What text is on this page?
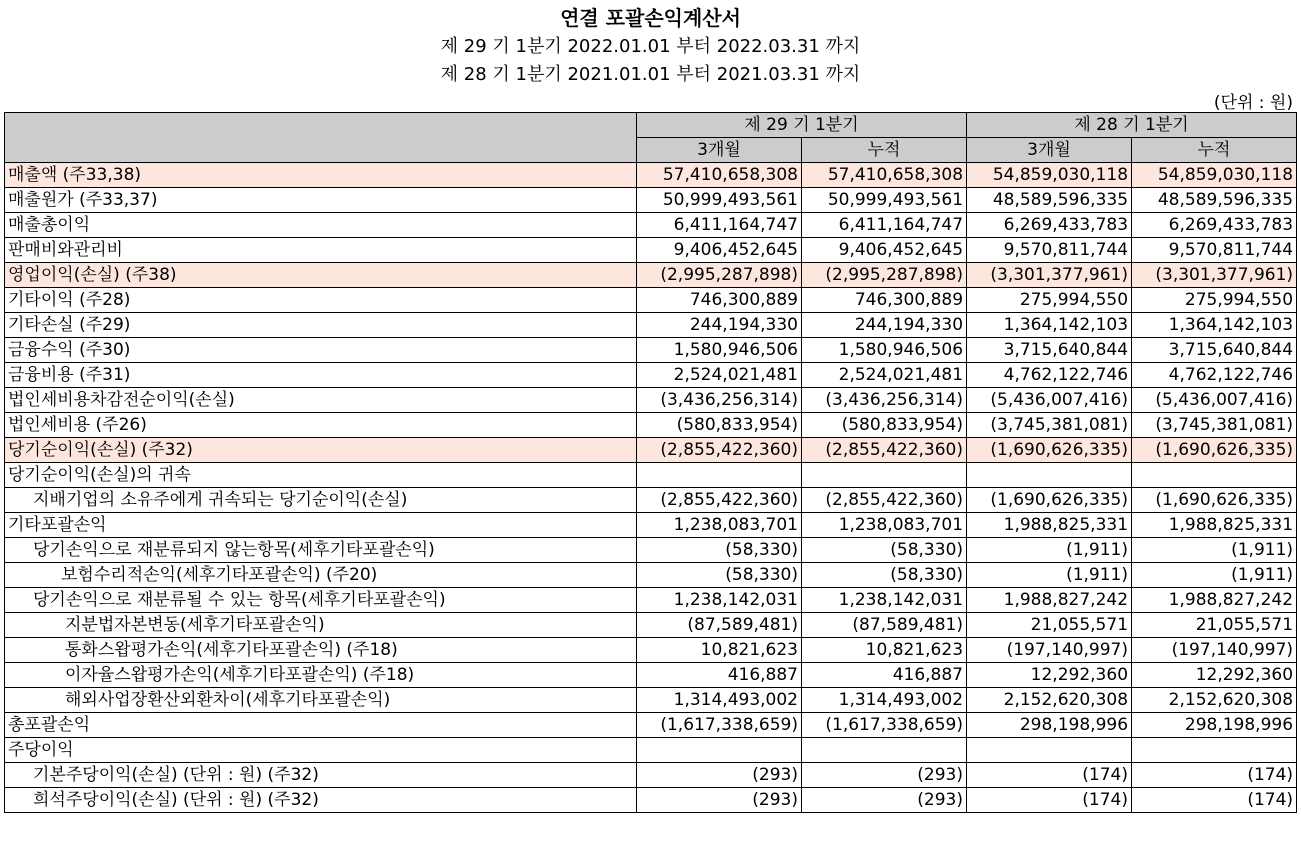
연결 포괄손익계산서
제 29 기 1분기 2022.01.01 부터 2022.03.31 까지
제 28 기 1분기 2021.01.01 부터 2021.03.31 까지
(단위 : 원)
	제 29 기 1분기		제 28 기 1분기	
	3개월	누적	3개월	누적
매출액 (주33,38)	57,410,658,308	57,410,658,308	54,859,030,118	54,859,030,118
매출원가 (주33,37)	50,999,493,561	50,999,493,561	48,589,596,335	48,589,596,335
매출총이익	6,411,164,747	6,411,164,747	6,269,433,783	6,269,433,783
판매비와관리비	9,406,452,645	9,406,452,645	9,570,811,744	9,570,811,744
영업이익(손실) (주38)	(2,995,287,898)	(2,995,287,898)	(3,301,377,961)	(3,301,377,961)
기타이익 (주28)	746,300,889	746,300,889	275,994,550	275,994,550
기타손실 (주29)	244,194,330	244,194,330	1,364,142,103	1,364,142,103
금융수익 (주30)	1,580,946,506	1,580,946,506	3,715,640,844	3,715,640,844
금융비용 (주31)	2,524,021,481	2,524,021,481	4,762,122,746	4,762,122,746
법인세비용차감전순이익(손실)	(3,436,256,314)	(3,436,256,314)	(5,436,007,416)	(5,436,007,416)
법인세비용 (주26)	(580,833,954)	(580,833,954)	(3,745,381,081)	(3,745,381,081)
당기순이익(손실) (주32)	(2,855,422,360)	(2,855,422,360)	(1,690,626,335)	(1,690,626,335)
당기순이익(손실)의 귀속				
지배기업의 소유주에게 귀속되는 당기순이익(손실)	(2,855,422,360)	(2,855,422,360)	(1,690,626,335)	(1,690,626,335)
기타포괄손익	1,238,083,701	1,238,083,701	1,988,825,331	1,988,825,331
당기손익으로 재분류되지 않는항목(세후기타포괄손익)	(58,330)	(58,330)	(1,911)	(1,911)
보험수리적손익(세후기타포괄손익) (주20)	(58,330)	(58,330)	(1,911)	(1,911)
당기손익으로 재분류될 수 있는 항목(세후기타포괄손익)	1,238,142,031	1,238,142,031	1,988,827,242	1,988,827,242
지분법자본변동(세후기타포괄손익)	(87,589,481)	(87,589,481)	21,055,571	21,055,571
통화스왑평가손익(세후기타포괄손익) (주18)	10,821,623	10,821,623	(197,140,997)	(197,140,997)
이자율스왑평가손익(세후기타포괄손익) (주18)	416,887	416,887	12,292,360	12,292,360
해외사업장환산외환차이(세후기타포괄손익)	1,314,493,002	1,314,493,002	2,152,620,308	2,152,620,308
총포괄손익	(1,617,338,659)	(1,617,338,659)	298,198,996	298,198,996
주당이익				
기본주당이익(손실) (단위 : 원) (주32)	(293)	(293)	(174)	(174)
희석주당이익(손실) (단위 : 원) (주32)	(293)	(293)	(174)	(174)
